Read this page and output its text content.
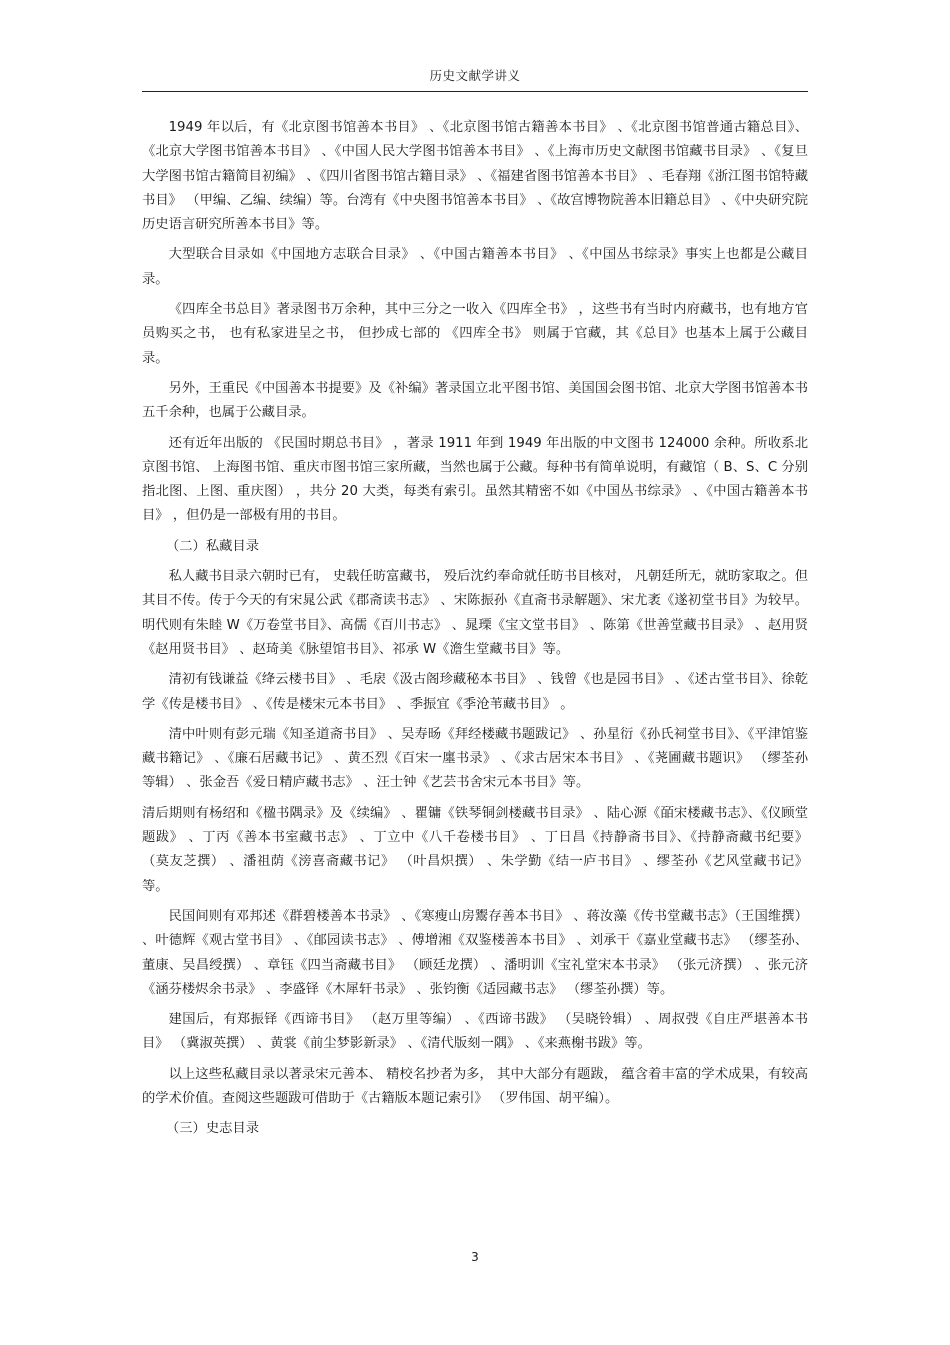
历史文献学讲义

1949 年以后，有《北京图书馆善本书目》 、《北京图书馆古籍善本书目》 、《北京图书馆普通古籍总目》、《北京大学图书馆善本书目》 、《中国人民大学图书馆善本书目》 、《上海市历史文献图书馆藏书目录》 、《复旦大学图书馆古籍简目初编》 、《四川省图书馆古籍目录》 、《福建省图书馆善本书目》 、毛春翔《浙江图书馆特藏书目》 （甲编、乙编、续编）等。台湾有《中央图书馆善本书目》 、《故宫博物院善本旧籍总目》 、《中央研究院历史语言研究所善本书目》等。

大型联合目录如《中国地方志联合目录》 、《中国古籍善本书目》 、《中国丛书综录》事实上也都是公藏目录。

《四库全书总目》著录图书万余种，其中三分之一收入《四库全书》 ，这些书有当时内府藏书，也有地方官员购买之书， 也有私家进呈之书， 但抄成七部的 《四库全书》 则属于官藏，其《总目》也基本上属于公藏目录。

另外，王重民《中国善本书提要》及《补编》著录国立北平图书馆、美国国会图书馆、北京大学图书馆善本书五千余种，也属于公藏目录。

还有近年出版的 《民国时期总书目》 ，著录 1911 年到 1949 年出版的中文图书 124000 余种。所收系北京图书馆、 上海图书馆、重庆市图书馆三家所藏，当然也属于公藏。每种书有简单说明，有藏馆（ B、S、C 分别指北图、上图、重庆图） ，共分 20 大类，每类有索引。虽然其精密不如《中国丛书综录》 、《中国古籍善本书目》 ，但仍是一部极有用的书目。

（二）私藏目录

私人藏书目录六朝时已有， 史载任昉富藏书， 殁后沈约奉命就任昉书目核对， 凡朝廷所无，就昉家取之。但其目不传。传于今天的有宋晁公武《郡斋读书志》 、宋陈振孙《直斋书录解题》、宋尤袤《遂初堂书目》为较早。明代则有朱睦 W《万卷堂书目》、高儒《百川书志》 、晁瑮《宝文堂书目》 、陈第《世善堂藏书目录》 、赵用贤《赵用贤书目》 、赵琦美《脉望馆书目》、祁承 W《澹生堂藏书目》等。

清初有钱谦益《绛云楼书目》 、毛扆《汲古阁珍藏秘本书目》 、钱曾《也是园书目》 、《述古堂书目》、徐乾学《传是楼书目》 、《传是楼宋元本书目》 、季振宜《季沧苇藏书目》 。

清中叶则有彭元瑞《知圣道斋书目》 、吴寿旸《拜经楼藏书题跋记》 、孙星衍《孙氏祠堂书目》、《平津馆鉴藏书籍记》 、《廉石居藏书记》 、黄丕烈《百宋一廛书录》 、《求古居宋本书目》 、《荛圃藏书题识》 （缪荃孙等辑） 、张金吾《爱日精庐藏书志》 、汪士钟《艺芸书舍宋元本书目》等。

清后期则有杨绍和《楹书隅录》及《续编》 、瞿镛《铁琴铜剑楼藏书目录》 、陆心源《皕宋楼藏书志》、《仪顾堂题跋》 、丁丙《善本书室藏书志》 、丁立中《八千卷楼书目》 、丁日昌《持静斋书目》、《持静斋藏书纪要》 （莫友芝撰） 、潘祖荫《滂喜斋藏书记》 （叶昌炽撰） 、朱学勤《结一庐书目》 、缪荃孙《艺风堂藏书记》等。

民国间则有邓邦述《群碧楼善本书录》 、《寒瘦山房鬻存善本书目》 、蒋汝藻《传书堂藏书志》（王国维撰） 、叶德辉《观古堂书目》 、《郋园读书志》 、傅增湘《双鉴楼善本书目》 、刘承干《嘉业堂藏书志》 （缪荃孙、董康、吴昌绶撰） 、章钰《四当斋藏书目》 （顾廷龙撰） 、潘明训《宝礼堂宋本书录》 （张元济撰） 、张元济《涵芬楼烬余书录》 、李盛铎《木犀轩书录》 、张钧衡《适园藏书志》 （缪荃孙撰）等。

建国后，有郑振铎《西谛书目》 （赵万里等编） 、《西谛书跋》 （吴晓铃辑） 、周叔弢《自庄严堪善本书目》 （冀淑英撰） 、黄裳《前尘梦影新录》 、《清代版刻一隅》 、《来燕榭书跋》等。

以上这些私藏目录以著录宋元善本、 精校名抄者为多， 其中大部分有题跋， 蕴含着丰富的学术成果，有较高的学术价值。查阅这些题跋可借助于《古籍版本题记索引》 （罗伟国、胡平编）。

（三）史志目录
3
